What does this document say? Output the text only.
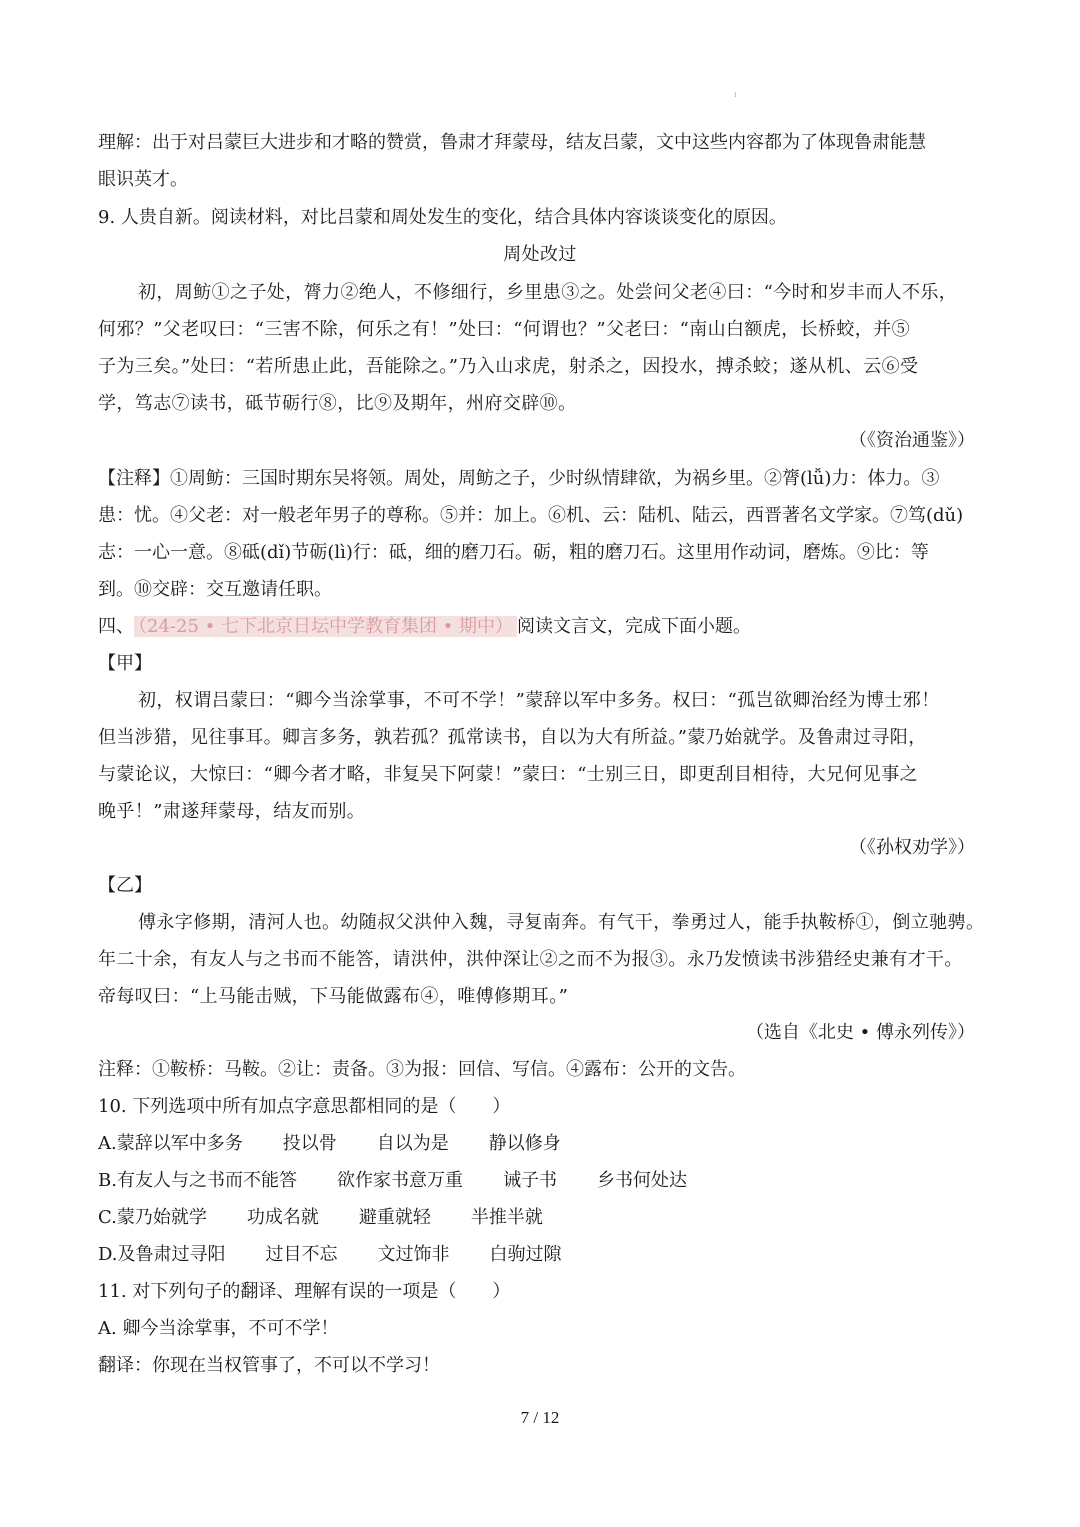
ı
理解：出于对吕蒙巨大进步和才略的赞赏，鲁肃才拜蒙母，结友吕蒙，文中这些内容都为了体现鲁肃能慧
眼识英才。
9. 人贵自新。阅读材料，对比吕蒙和周处发生的变化，结合具体内容谈谈变化的原因。
周处改过
初，周鲂①之子处，膂力②绝人，不修细行，乡里患③之。处尝问父老④曰：“今时和岁丰而人不乐，
何邪？”父老叹曰：“三害不除，何乐之有！”处曰：“何谓也？”父老曰：“南山白额虎，长桥蛟，并⑤
子为三矣。”处曰：“若所患止此，吾能除之。”乃入山求虎，射杀之，因投水，搏杀蛟；遂从机、云⑥受
学，笃志⑦读书，砥节砺行⑧，比⑨及期年，州府交辟⑩。
（《资治通鉴》）
【注释】①周鲂：三国时期东吴将领。周处，周鲂之子，少时纵情肆欲，为祸乡里。②膂(lǚ)力：体力。③
患：忧。④父老：对一般老年男子的尊称。⑤并：加上。⑥机、云：陆机、陆云，西晋著名文学家。⑦笃(dǔ)
志：一心一意。⑧砥(dǐ)节砺(lì)行：砥，细的磨刀石。砺，粗的磨刀石。这里用作动词，磨炼。⑨比：等
到。⑩交辟：交互邀请任职。
四、 （24-25 • 七下北京日坛中学教育集团 • 期中） 阅读文言文，完成下面小题。
【甲】
初，权谓吕蒙曰：“卿今当涂掌事，不可不学！”蒙辞以军中多务。权曰：“孤岂欲卿治经为博士邪！
但当涉猎，见往事耳。卿言多务，孰若孤？孤常读书，自以为大有所益。”蒙乃始就学。及鲁肃过寻阳，
与蒙论议，大惊曰：“卿今者才略，非复吴下阿蒙！”蒙曰：“士别三日，即更刮目相待，大兄何见事之
晚乎！”肃遂拜蒙母，结友而别。
（《孙权劝学》）
【乙】
傅永字修期，清河人也。幼随叔父洪仲入魏，寻复南奔。有气干，拳勇过人，能手执鞍桥①，倒立驰骋。
年二十余，有友人与之书而不能答，请洪仲，洪仲深让②之而不为报③。永乃发愤读书涉猎经史兼有才干。
帝每叹曰：“上马能击贼，下马能做露布④，唯傅修期耳。”
（选自《北史 • 傅永列传》）
注释：①鞍桥：马鞍。②让：责备。③为报：回信、写信。④露布：公开的文告。
10. 下列选项中所有加点字意思都相同的是（　　）
A.蒙辞以军中多务 投以骨 自以为是 静以修身
B.有友人与之书而不能答 欲作家书意万重 诫子书 乡书何处达
C.蒙乃始就学 功成名就 避重就轻 半推半就
D.及鲁肃过寻阳 过目不忘 文过饰非 白驹过隙
11. 对下列句子的翻译、理解有误的一项是（　　）
A. 卿今当涂掌事，不可不学！
翻译：你现在当权管事了，不可以不学习！
7 / 12
